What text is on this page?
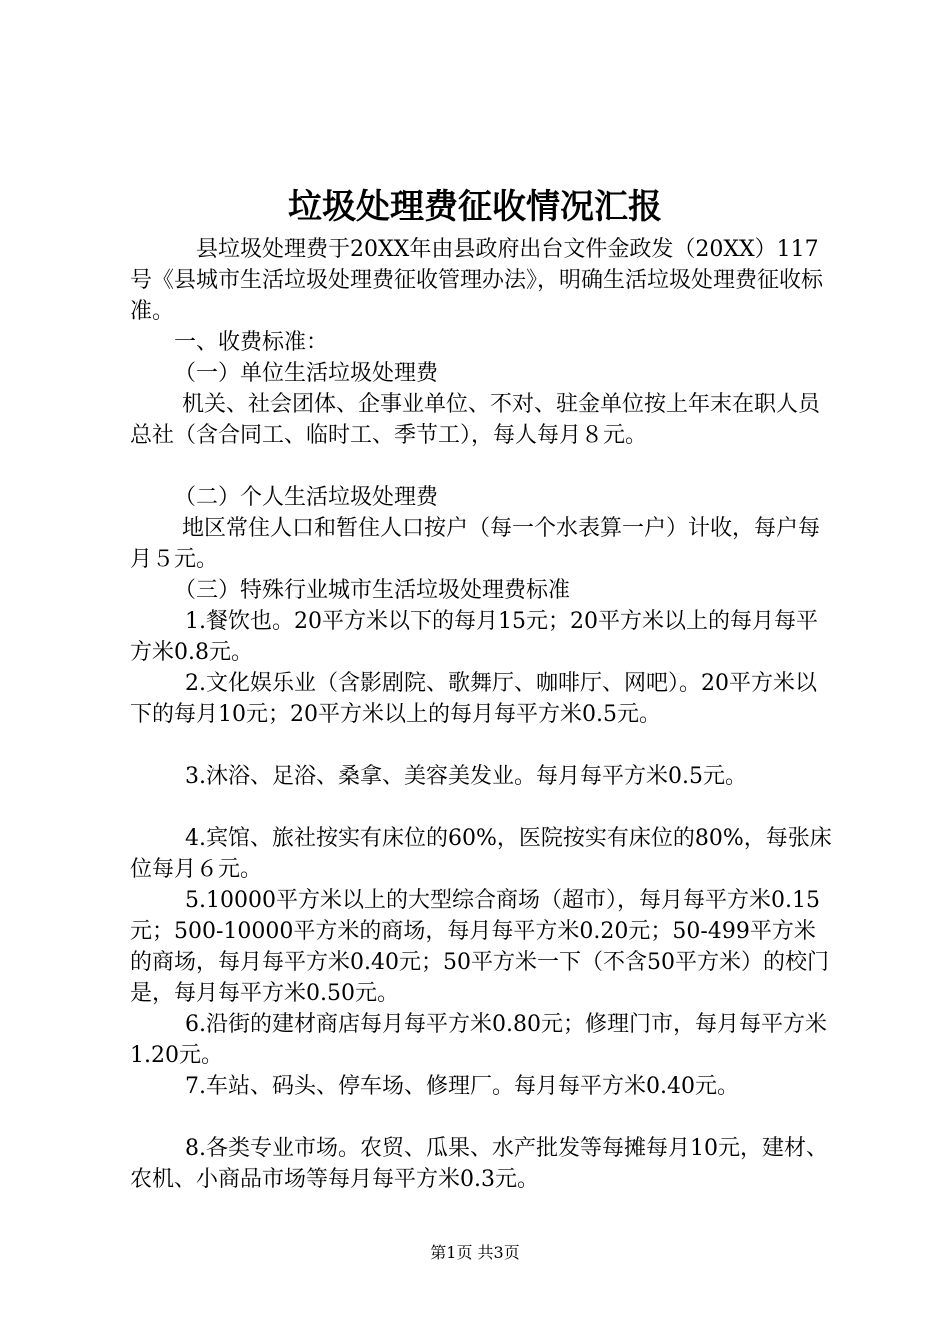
垃圾处理费征收情况汇报

县垃圾处理费于20XX年由县政府出台文件金政发（20XX）117号《县城市生活垃圾处理费征收管理办法》，明确生活垃圾处理费征收标准。

一、收费标准：

（一）单位生活垃圾处理费

机关、社会团体、企事业单位、不对、驻金单位按上年末在职人员总社（含合同工、临时工、季节工），每人每月８元。

（二）个人生活垃圾处理费

地区常住人口和暂住人口按户（每一个水表算一户）计收，每户每月５元。

（三）特殊行业城市生活垃圾处理费标准

1.餐饮也。20平方米以下的每月15元；20平方米以上的每月每平方米0.8元。

2.文化娱乐业（含影剧院、歌舞厅、咖啡厅、网吧）。20平方米以下的每月10元；20平方米以上的每月每平方米0.5元。

3.沐浴、足浴、桑拿、美容美发业。每月每平方米0.5元。

4.宾馆、旅社按实有床位的60%，医院按实有床位的80%，每张床位每月６元。

5.10000平方米以上的大型综合商场（超市），每月每平方米0.15元；500-10000平方米的商场，每月每平方米0.20元；50-499平方米的商场，每月每平方米0.40元；50平方米一下（不含50平方米）的校门是，每月每平方米0.50元。

6.沿街的建材商店每月每平方米0.80元；修理门市，每月每平方米1.20元。

7.车站、码头、停车场、修理厂。每月每平方米0.40元。

8.各类专业市场。农贸、瓜果、水产批发等每摊每月10元，建材、农机、小商品市场等每月每平方米0.3元。

第1页 共3页
